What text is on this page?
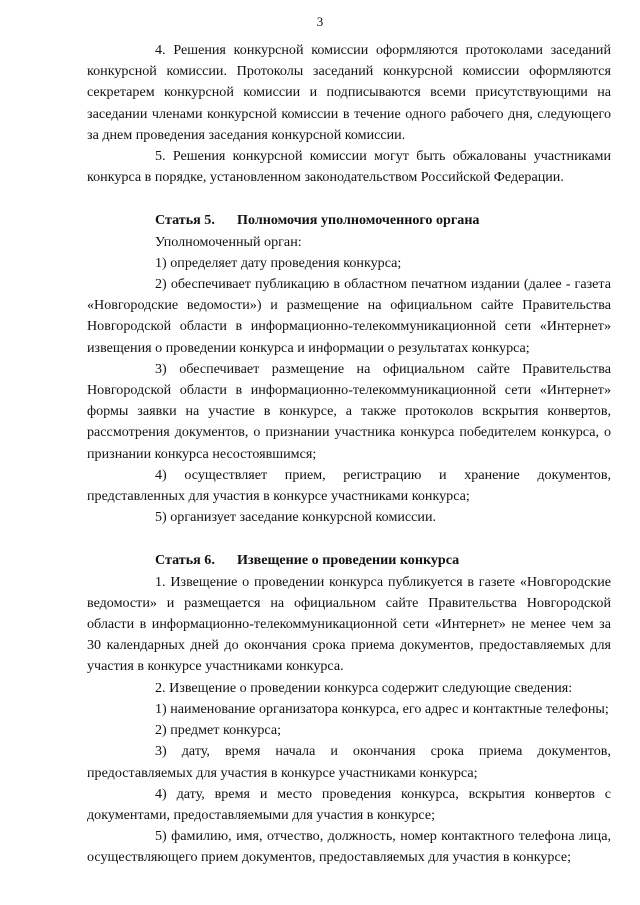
3

4. Решения конкурсной комиссии оформляются протоколами заседаний конкурсной комиссии. Протоколы заседаний конкурсной комиссии оформляются секретарем конкурсной комиссии и подписываются всеми присутствующими на заседании членами конкурсной комиссии в течение одного рабочего дня, следующего за днем проведения заседания конкурсной комиссии.

5. Решения конкурсной комиссии могут быть обжалованы участниками конкурса в порядке, установленном законодательством Российской Федерации.

Статья 5. Полномочия уполномоченного органа

Уполномоченный орган:

1) определяет дату проведения конкурса;

2) обеспечивает публикацию в областном печатном издании (далее - газета «Новгородские ведомости») и размещение на официальном сайте Правительства Новгородской области в информационно-телекоммуникационной сети «Интернет» извещения о проведении конкурса и информации о результатах конкурса;

3) обеспечивает размещение на официальном сайте Правительства Новгородской области в информационно-телекоммуникационной сети «Интернет» формы заявки на участие в конкурсе, а также протоколов вскрытия конвертов, рассмотрения документов, о признании участника конкурса победителем конкурса, о признании конкурса несостоявшимся;

4) осуществляет прием, регистрацию и хранение документов, представленных для участия в конкурсе участниками конкурса;

5) организует заседание конкурсной комиссии.

Статья 6. Извещение о проведении конкурса

1. Извещение о проведении конкурса публикуется в газете «Новгородские ведомости» и размещается на официальном сайте Правительства Новгородской области в информационно-телекоммуникационной сети «Интернет» не менее чем за 30 календарных дней до окончания срока приема документов, предоставляемых для участия в конкурсе участниками конкурса.

2. Извещение о проведении конкурса содержит следующие сведения:

1) наименование организатора конкурса, его адрес и контактные телефоны;

2) предмет конкурса;

3) дату, время начала и окончания срока приема документов, предоставляемых для участия в конкурсе участниками конкурса;

4) дату, время и место проведения конкурса, вскрытия конвертов с документами, предоставляемыми для участия в конкурсе;

5) фамилию, имя, отчество, должность, номер контактного телефона лица, осуществляющего прием документов, предоставляемых для участия в конкурсе;
